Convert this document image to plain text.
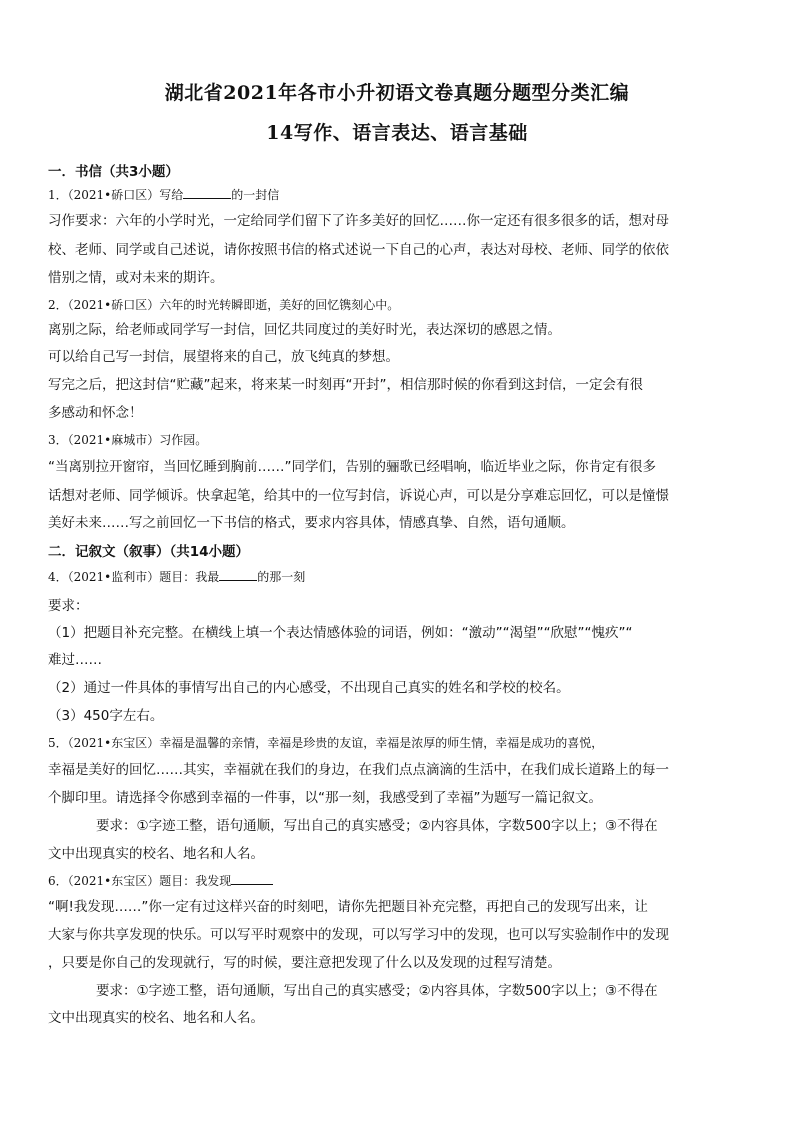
湖北省2021年各市小升初语文卷真题分题型分类汇编
14写作、语言表达、语言基础
一．书信（共3小题）
1．（2021•硚口区）写给	的一封信
习作要求：六年的小学时光，一定给同学们留下了许多美好的回忆……你一定还有很多很多的话，想对母
校、老师、同学或自己述说，请你按照书信的格式述说一下自己的心声，表达对母校、老师、同学的依依
惜别之情，或对未来的期许。
2．（2021•硚口区）六年的时光转瞬即逝，美好的回忆镌刻心中。
离别之际，给老师或同学写一封信，回忆共同度过的美好时光，表达深切的感恩之情。
可以给自己写一封信，展望将来的自己，放飞纯真的梦想。
写完之后，把这封信“贮藏”起来，将来某一时刻再“开封”，相信那时候的你看到这封信，一定会有很
多感动和怀念！
3．（2021•麻城市）习作园。
“当离别拉开窗帘，当回忆睡到胸前……”同学们，告别的骊歌已经唱响，临近毕业之际，你肯定有很多
话想对老师、同学倾诉。快拿起笔，给其中的一位写封信，诉说心声，可以是分享难忘回忆，可以是憧憬
美好未来……写之前回忆一下书信的格式，要求内容具体，情感真挚、自然，语句通顺。
二．记叙文（叙事）（共14小题）
4．（2021•监利市）题目：我最	的那一刻
要求：
（1）把题目补充完整。在横线上填一个表达情感体验的词语，例如：“激动”“渴望”“欣慰”“愧疚”“
难过……
（2）通过一件具体的事情写出自己的内心感受，不出现自己真实的姓名和学校的校名。
（3）450字左右。
5．（2021•东宝区）幸福是温馨的亲情，幸福是珍贵的友谊，幸福是浓厚的师生情，幸福是成功的喜悦，
幸福是美好的回忆……其实，幸福就在我们的身边，在我们点点滴滴的生活中，在我们成长道路上的每一
个脚印里。请选择令你感到幸福的一件事，以“那一刻，我感受到了幸福”为题写一篇记叙文。
要求：①字迹工整，语句通顺，写出自己的真实感受；②内容具体，字数500字以上；③不得在
文中出现真实的校名、地名和人名。
6．（2021•东宝区）题目：我发现
“啊!我发现……”你一定有过这样兴奋的时刻吧，请你先把题目补充完整，再把自己的发现写出来，让
大家与你共享发现的快乐。可以写平时观察中的发现，可以写学习中的发现，也可以写实验制作中的发现
，只要是你自己的发现就行，写的时候，要注意把发现了什么以及发现的过程写清楚。
要求：①字迹工整，语句通顺，写出自己的真实感受；②内容具体，字数500字以上；③不得在
文中出现真实的校名、地名和人名。
